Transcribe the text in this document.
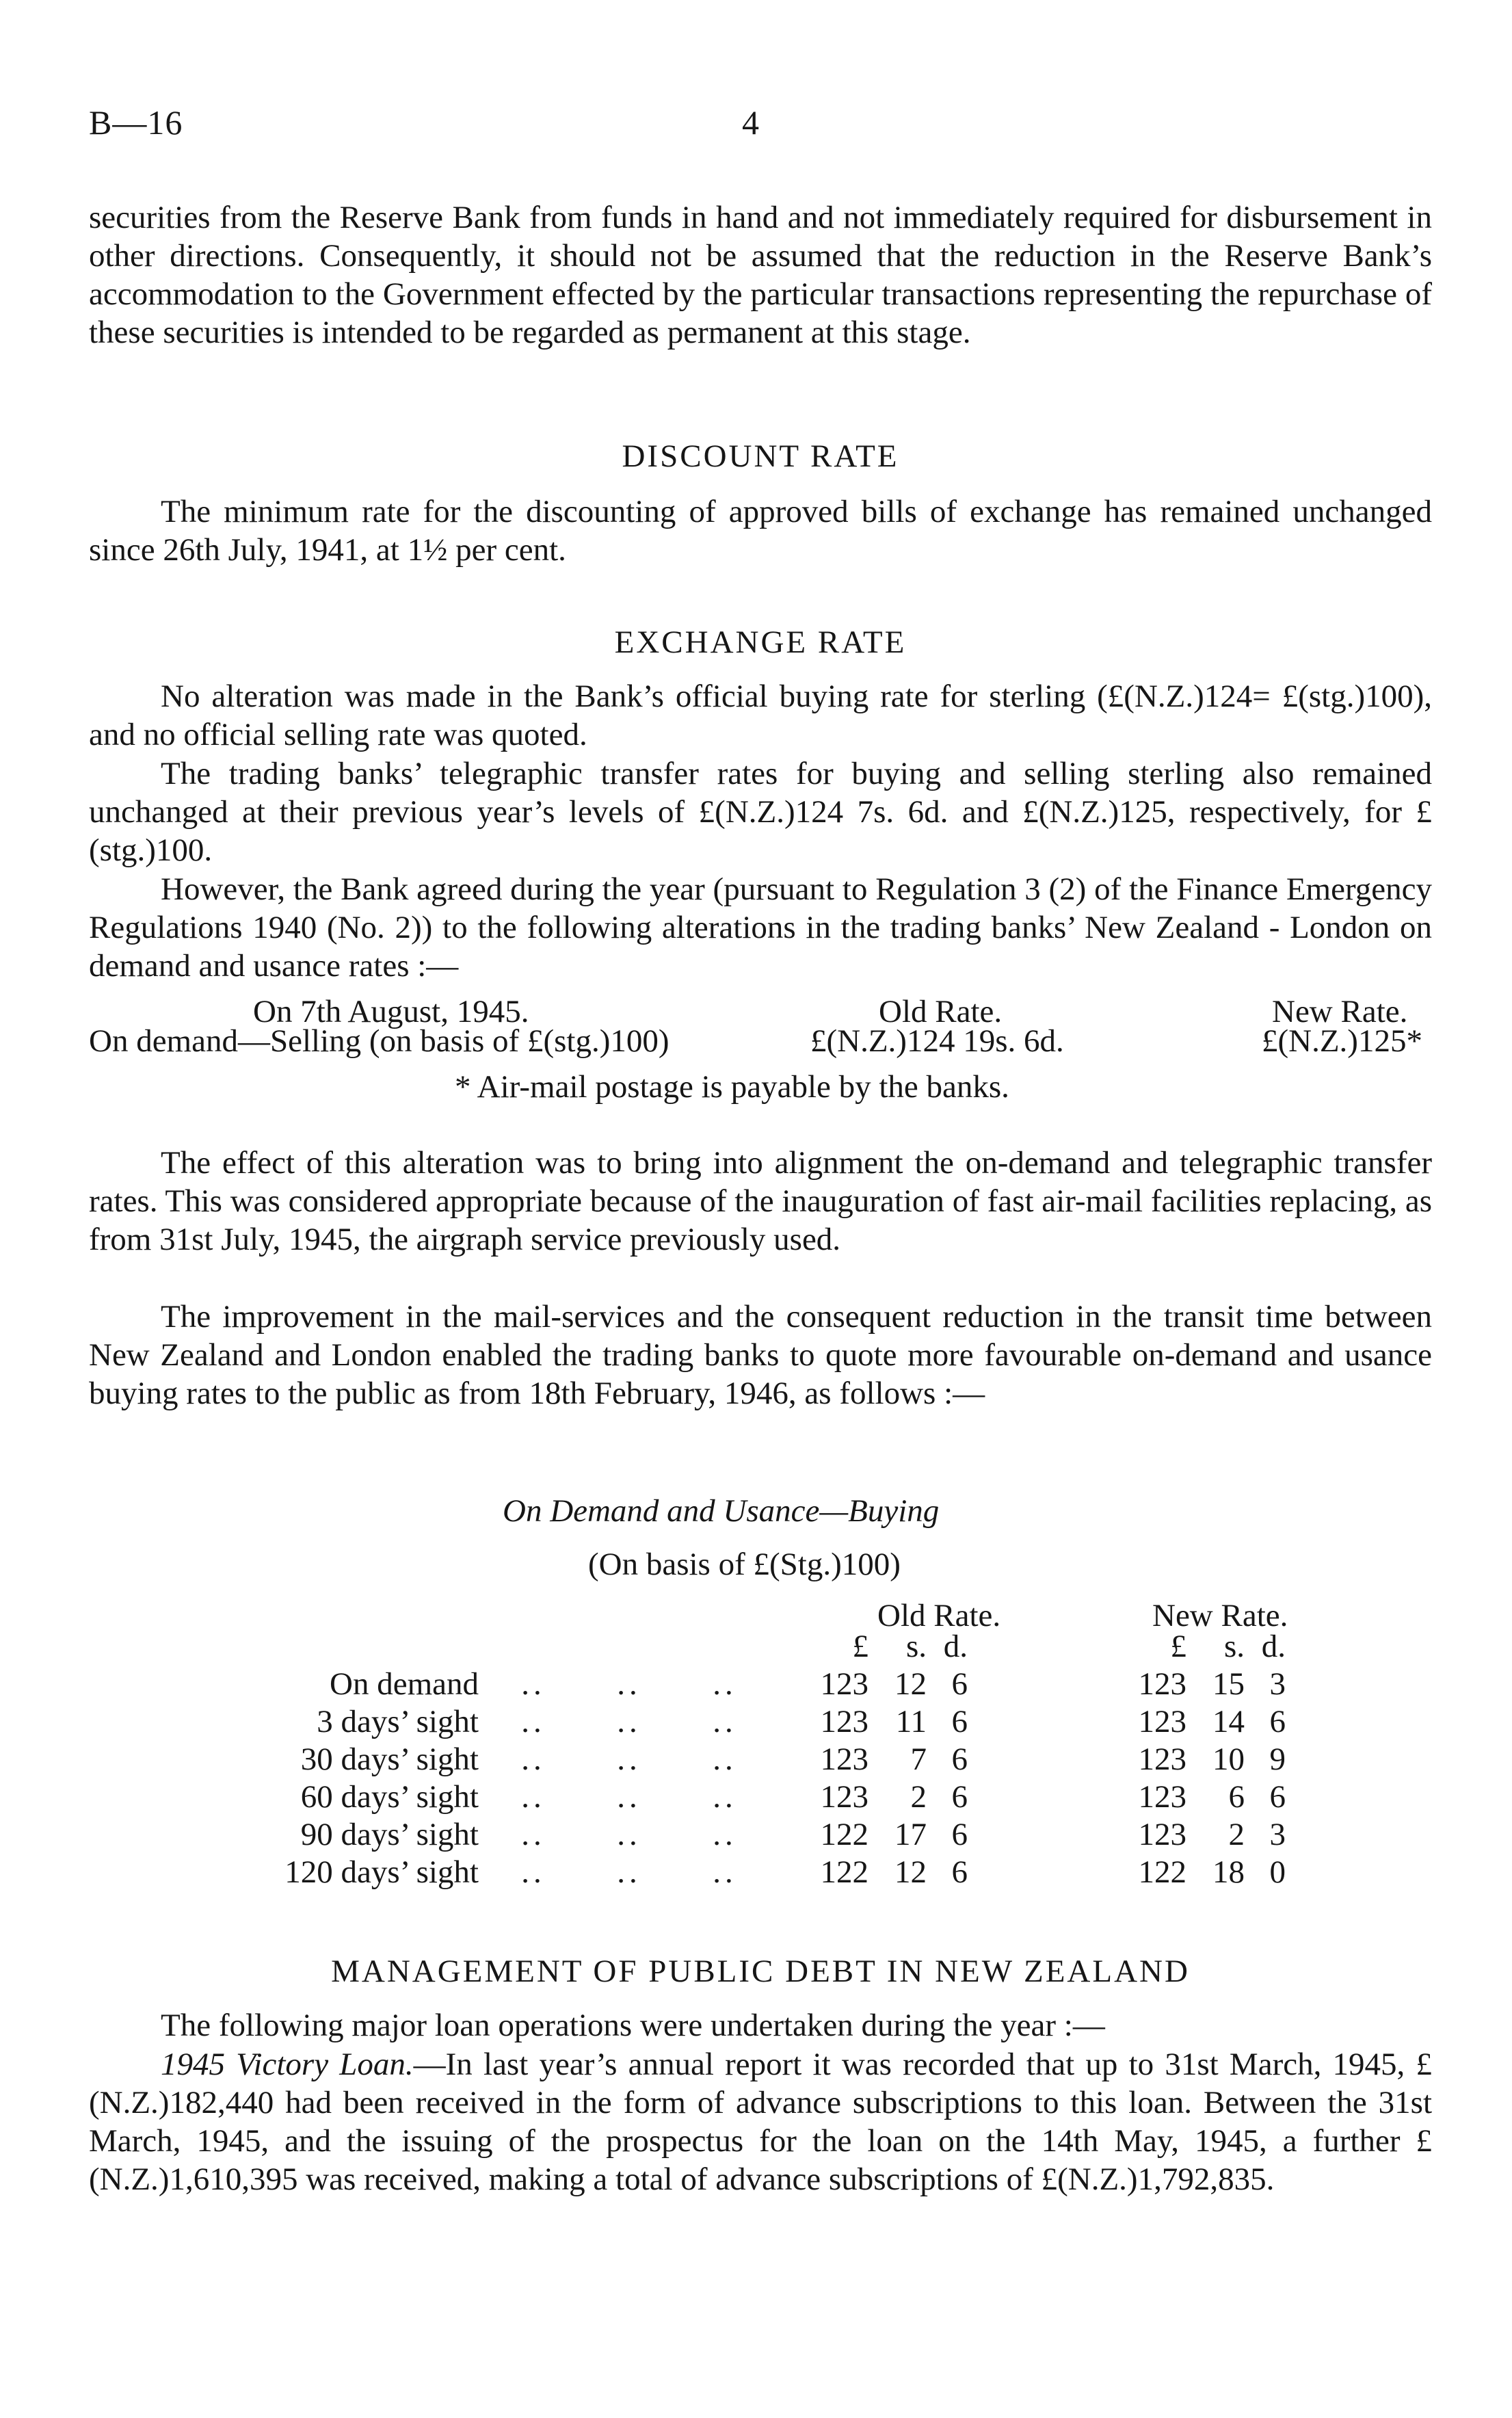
B—16	4

securities from the Reserve Bank from funds in hand and not immediately required for disbursement in other directions. Consequently, it should not be assumed that the reduction in the Reserve Bank’s accommodation to the Government effected by the particular transactions representing the repurchase of these securities is intended to be regarded as permanent at this stage.

DISCOUNT RATE

The minimum rate for the discounting of approved bills of exchange has remained unchanged since 26th July, 1941, at 1½ per cent.

EXCHANGE RATE

No alteration was made in the Bank’s official buying rate for sterling (£(N.Z.)124= £(stg.)100), and no official selling rate was quoted.

The trading banks’ telegraphic transfer rates for buying and selling sterling also remained unchanged at their previous year’s levels of £(N.Z.)124 7s. 6d. and £(N.Z.)125, respectively, for £(stg.)100.

However, the Bank agreed during the year (pursuant to Regulation 3 (2) of the Finance Emergency Regulations 1940 (No. 2)) to the following alterations in the trading banks’ New Zealand - London on demand and usance rates :—

On 7th August, 1945.	Old Rate.	New Rate.
On demand—Selling (on basis of £(stg.)100)	£(N.Z.)124 19s. 6d.	£(N.Z.)125*
* Air-mail postage is payable by the banks.

The effect of this alteration was to bring into alignment the on-demand and telegraphic transfer rates. This was considered appropriate because of the inauguration of fast air-mail facilities replacing, as from 31st July, 1945, the airgraph service previously used.

The improvement in the mail-services and the consequent reduction in the transit time between New Zealand and London enabled the trading banks to quote more favourable on-demand and usance buying rates to the public as from 18th February, 1946, as follows :—

On Demand and Usance—Buying
(On basis of £(Stg.)100)
Old Rate.	New Rate.
				£	s.	d.		£	s.	d.
On demand	..	..	..	123	12	6		123	15	3
3 days’ sight	..	..	..	123	11	6		123	14	6
30 days’ sight	..	..	..	123	7	6		123	10	9
60 days’ sight	..	..	..	123	2	6		123	6	6
90 days’ sight	..	..	..	122	17	6		123	2	3
120 days’ sight	..	..	..	122	12	6		122	18	0
MANAGEMENT OF PUBLIC DEBT IN NEW ZEALAND

The following major loan operations were undertaken during the year :—

1945 Victory Loan.—In last year’s annual report it was recorded that up to 31st March, 1945, £(N.Z.)182,440 had been received in the form of advance subscriptions to this loan. Between the 31st March, 1945, and the issuing of the prospectus for the loan on the 14th May, 1945, a further £(N.Z.)1,610,395 was received, making a total of advance subscriptions of £(N.Z.)1,792,835.
